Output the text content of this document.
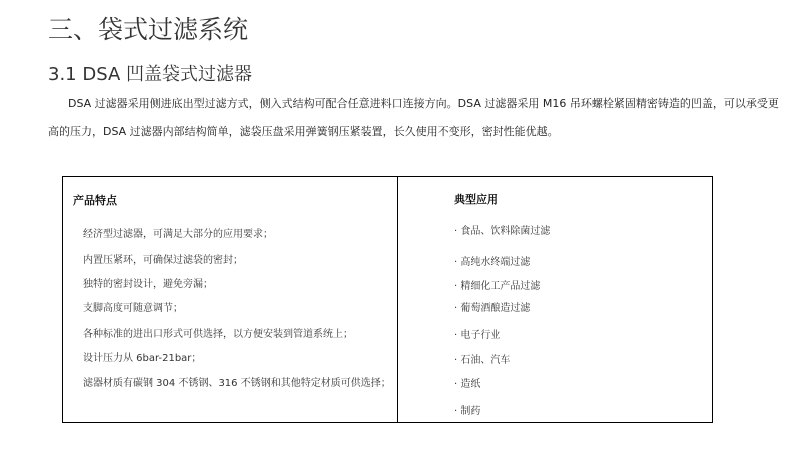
三、袋式过滤系统
3.1 DSA 凹盖袋式过滤器
DSA 过滤器采用侧进底出型过滤方式，侧入式结构可配合任意进料口连接方向。DSA 过滤器采用 M16 吊环螺栓紧固精密铸造的凹盖，可以承受更高的压力，DSA 过滤器内部结构简单，滤袋压盘采用弹簧钢压紧装置，长久使用不变形，密封性能优越。
产品特点
经济型过滤器，可满足大部分的应用要求；
内置压紧环，可确保过滤袋的密封；
独特的密封设计，避免旁漏；
支脚高度可随意调节；
各种标准的进出口形式可供选择，以方便安装到管道系统上；
设计压力从 6bar-21bar；
滤器材质有碳钢 304 不锈钢、316 不锈钢和其他特定材质可供选择；
典型应用
· 食品、饮料除菌过滤
· 高纯水终端过滤
· 精细化工产品过滤
· 葡萄酒酿造过滤
· 电子行业
· 石油、汽车
· 造纸
· 制药
